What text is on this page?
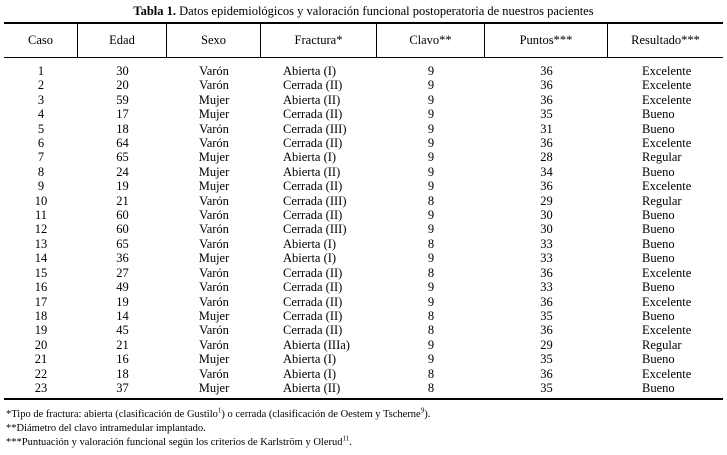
Tabla 1. Datos epidemiológicos y valoración funcional postoperatoria de nuestros pacientes
Caso	Edad	Sexo	Fractura*	Clavo**	Puntos***	Resultado***
1	30	Varón		Abierta (I)	9	36		Excelente
2	20	Varón		Cerrada (II)	9	36		Excelente
3	59	Mujer		Abierta (II)	9	36		Excelente
4	17	Mujer		Cerrada (II)	9	35		Bueno
5	18	Varón		Cerrada (III)	9	31		Bueno
6	64	Varón		Cerrada (II)	9	36		Excelente
7	65	Mujer		Abierta (I)	9	28		Regular
8	24	Mujer		Abierta (II)	9	34		Bueno
9	19	Mujer		Cerrada (II)	9	36		Excelente
10	21	Varón		Cerrada (III)	8	29		Regular
11	60	Varón		Cerrada (II)	9	30		Bueno
12	60	Varón		Cerrada (III)	9	30		Bueno
13	65	Varón		Abierta (I)	8	33		Bueno
14	36	Mujer		Abierta (I)	9	33		Bueno
15	27	Varón		Cerrada (II)	8	36		Excelente
16	49	Varón		Cerrada (II)	9	33		Bueno
17	19	Varón		Cerrada (II)	9	36		Excelente
18	14	Mujer		Cerrada (II)	8	35		Bueno
19	45	Varón		Cerrada (II)	8	36		Excelente
20	21	Varón		Abierta (IIIa)	9	29		Regular
21	16	Mujer		Abierta (I)	9	35		Bueno
22	18	Varón		Abierta (I)	8	36		Excelente
23	37	Mujer		Abierta (II)	8	35		Bueno
*Tipo de fractura: abierta (clasificación de Gustilo$^1$) o cerrada (clasificación de Oestem y Tscherne$^9$).
**Diámetro del clavo intramedular implantado.
***Puntuación y valoración funcional según los criterios de Karlström y Olerud$^{11}$.
